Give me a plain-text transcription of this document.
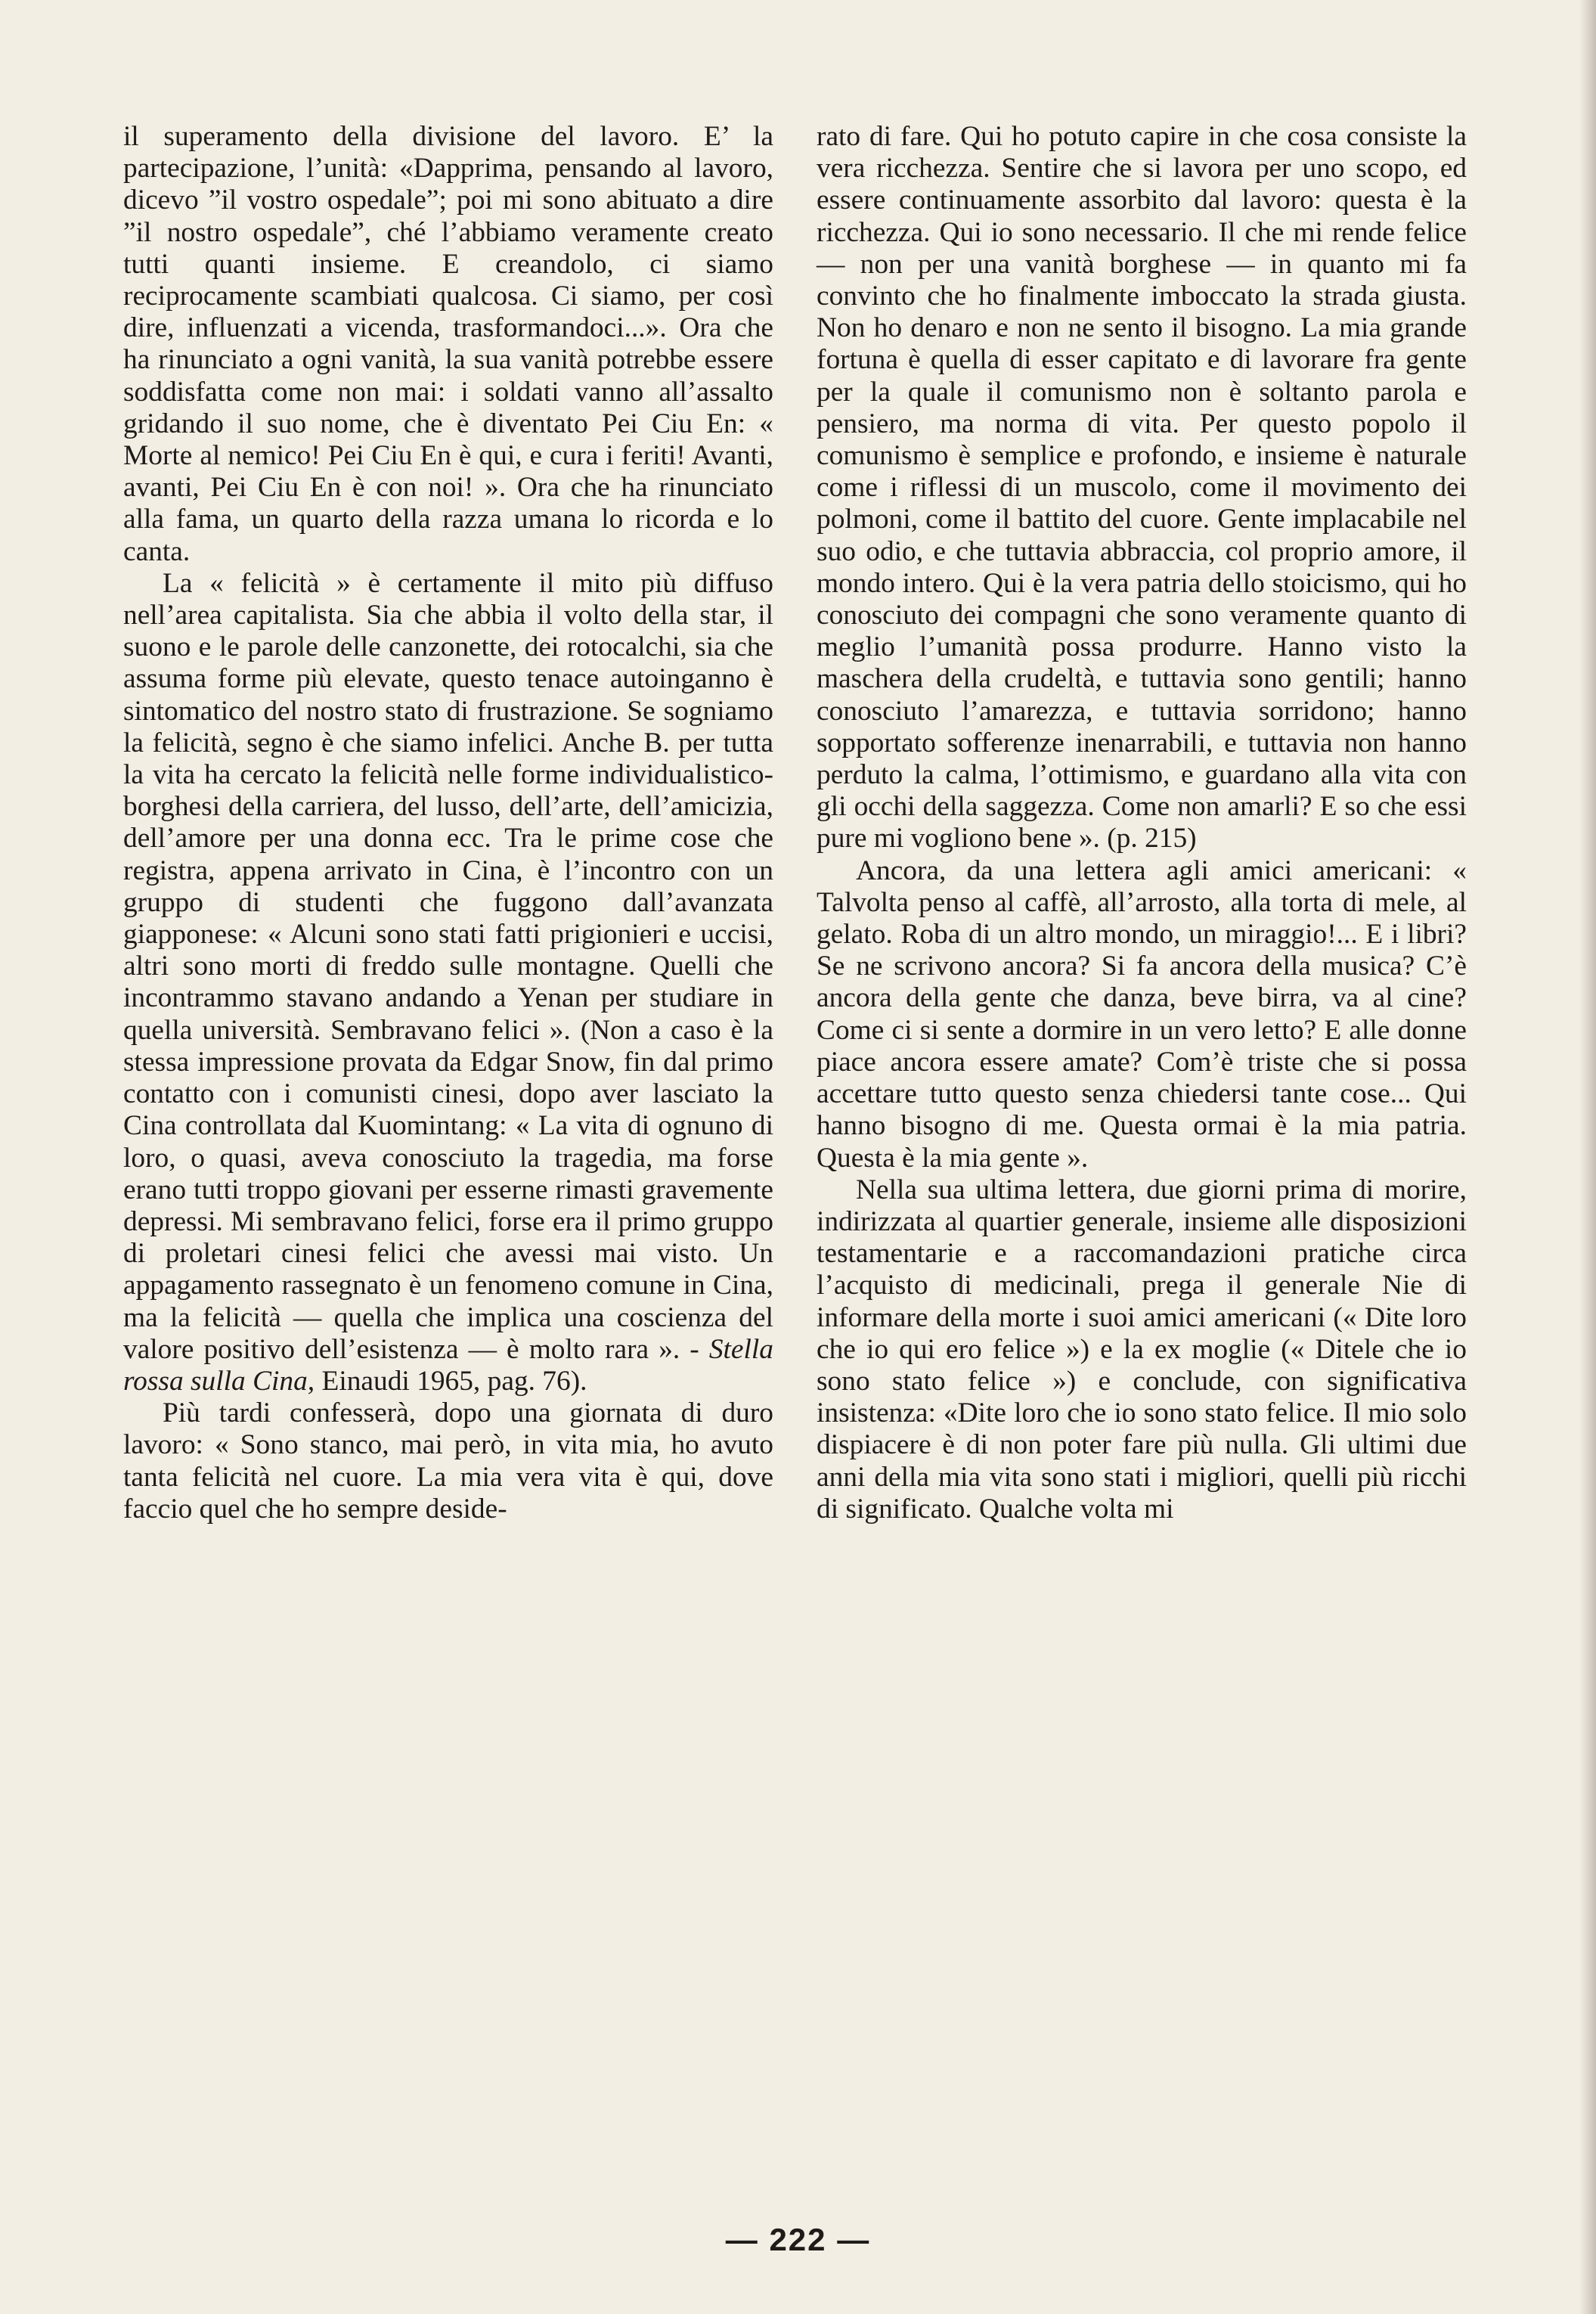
il superamento della divisione del lavoro. E’ la partecipazione, l’unità: «Dapprima, pensando al lavoro, dicevo ”il vostro ospedale”; poi mi sono abituato a dire ”il nostro ospedale”, ché l’abbiamo veramente creato tutti quanti insieme. E creandolo, ci siamo reciprocamente scambiati qualcosa. Ci siamo, per così dire, influenzati a vicenda, trasformandoci...». Ora che ha rinunciato a ogni vanità, la sua vanità potrebbe essere soddisfatta come non mai: i soldati vanno all’assalto gridando il suo nome, che è diventato Pei Ciu En: « Morte al nemico! Pei Ciu En è qui, e cura i feriti! Avanti, avanti, Pei Ciu En è con noi! ». Ora che ha rinunciato alla fama, un quarto della razza umana lo ricorda e lo canta.

La « felicità » è certamente il mito più diffuso nell’area capitalista. Sia che abbia il volto della star, il suono e le parole delle canzonette, dei rotocalchi, sia che assuma forme più elevate, questo tenace autoinganno è sintomatico del nostro stato di frustrazione. Se sogniamo la felicità, segno è che siamo infelici. Anche B. per tutta la vita ha cercato la felicità nelle forme individualistico-borghesi della carriera, del lusso, dell’arte, dell’amicizia, dell’amore per una donna ecc. Tra le prime cose che registra, appena arrivato in Cina, è l’incontro con un gruppo di studenti che fuggono dall’avanzata giapponese: « Alcuni sono stati fatti prigionieri e uccisi, altri sono morti di freddo sulle montagne. Quelli che incontrammo stavano andando a Yenan per studiare in quella università. Sembravano felici ». (Non a caso è la stessa impressione provata da Edgar Snow, fin dal primo contatto con i comunisti cinesi, dopo aver lasciato la Cina controllata dal Kuomintang: « La vita di ognuno di loro, o quasi, aveva conosciuto la tragedia, ma forse erano tutti troppo giovani per esserne rimasti gravemente depressi. Mi sembravano felici, forse era il primo gruppo di proletari cinesi felici che avessi mai visto. Un appagamento rassegnato è un fenomeno comune in Cina, ma la felicità — quella che implica una coscienza del valore positivo dell’esistenza — è molto rara ». - Stella rossa sulla Cina, Einaudi 1965, pag. 76).

Più tardi confesserà, dopo una giornata di duro lavoro: « Sono stanco, mai però, in vita mia, ho avuto tanta felicità nel cuore. La mia vera vita è qui, dove faccio quel che ho sempre deside-

rato di fare. Qui ho potuto capire in che cosa consiste la vera ricchezza. Sentire che si lavora per uno scopo, ed essere continuamente assorbito dal lavoro: questa è la ricchezza. Qui io sono necessario. Il che mi rende felice — non per una vanità borghese — in quanto mi fa convinto che ho finalmente imboccato la strada giusta. Non ho denaro e non ne sento il bisogno. La mia grande fortuna è quella di esser capitato e di lavorare fra gente per la quale il comunismo non è soltanto parola e pensiero, ma norma di vita. Per questo popolo il comunismo è semplice e profondo, e insieme è naturale come i riflessi di un muscolo, come il movimento dei polmoni, come il battito del cuore. Gente implacabile nel suo odio, e che tuttavia abbraccia, col proprio amore, il mondo intero. Qui è la vera patria dello stoicismo, qui ho conosciuto dei compagni che sono veramente quanto di meglio l’umanità possa produrre. Hanno visto la maschera della crudeltà, e tuttavia sono gentili; hanno conosciuto l’amarezza, e tuttavia sorridono; hanno sopportato sofferenze inenarrabili, e tuttavia non hanno perduto la calma, l’ottimismo, e guardano alla vita con gli occhi della saggezza. Come non amarli? E so che essi pure mi vogliono bene ». (p. 215)

Ancora, da una lettera agli amici americani: « Talvolta penso al caffè, all’arrosto, alla torta di mele, al gelato. Roba di un altro mondo, un miraggio!... E i libri? Se ne scrivono ancora? Si fa ancora della musica? C’è ancora della gente che danza, beve birra, va al cine? Come ci si sente a dormire in un vero letto? E alle donne piace ancora essere amate? Com’è triste che si possa accettare tutto questo senza chiedersi tante cose... Qui hanno bisogno di me. Questa ormai è la mia patria. Questa è la mia gente ».

Nella sua ultima lettera, due giorni prima di morire, indirizzata al quartier generale, insieme alle disposizioni testamentarie e a raccomandazioni pratiche circa l’acquisto di medicinali, prega il generale Nie di informare della morte i suoi amici americani (« Dite loro che io qui ero felice ») e la ex moglie (« Ditele che io sono stato felice ») e conclude, con significativa insistenza: «Dite loro che io sono stato felice. Il mio solo dispiacere è di non poter fare più nulla. Gli ultimi due anni della mia vita sono stati i migliori, quelli più ricchi di significato. Qualche volta mi

— 222 —
